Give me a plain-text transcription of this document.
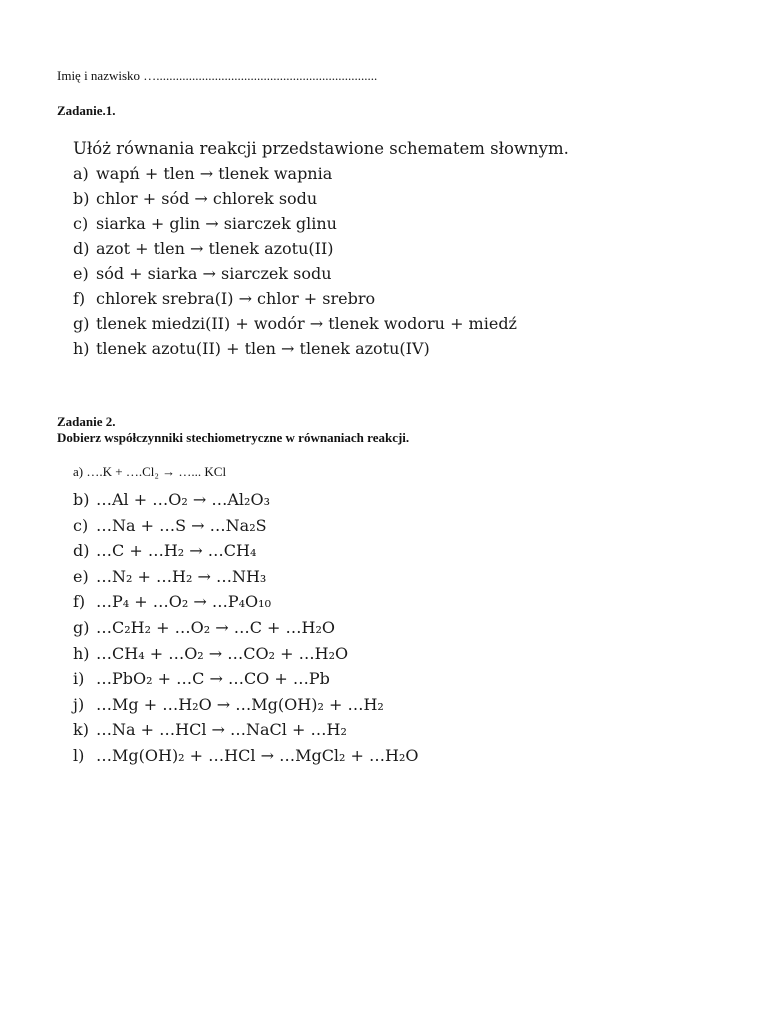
Imię i nazwisko …....................................................................
Zadanie.1.
Ułóż równania reakcji przedstawione schematem słownym.
a) wapń + tlen → tlenek wapnia
b) chlor + sód → chlorek sodu
c) siarka + glin → siarczek glinu
d) azot + tlen → tlenek azotu(II)
e) sód + siarka → siarczek sodu
f) chlorek srebra(I) → chlor + srebro
g) tlenek miedzi(II) + wodór → tlenek wodoru + miedź
h) tlenek azotu(II) + tlen → tlenek azotu(IV)
Zadanie 2.
Dobierz współczynniki stechiometryczne w równaniach reakcji.
a) ….K + ….Cl₂ → …... KCl
b) …Al + …O₂ → …Al₂O₃
c) …Na + …S → …Na₂S
d) …C + …H₂ → …CH₄
e) …N₂ + …H₂ → …NH₃
f) …P₄ + …O₂ → …P₄O₁₀
g) …C₂H₂ + …O₂ → …C + …H₂O
h) …CH₄ + …O₂ → …CO₂ + …H₂O
i) …PbO₂ + …C → …CO + …Pb
j) …Mg + …H₂O → …Mg(OH)₂ + …H₂
k) …Na + …HCl → …NaCl + …H₂
l) …Mg(OH)₂ + …HCl → …MgCl₂ + …H₂O
